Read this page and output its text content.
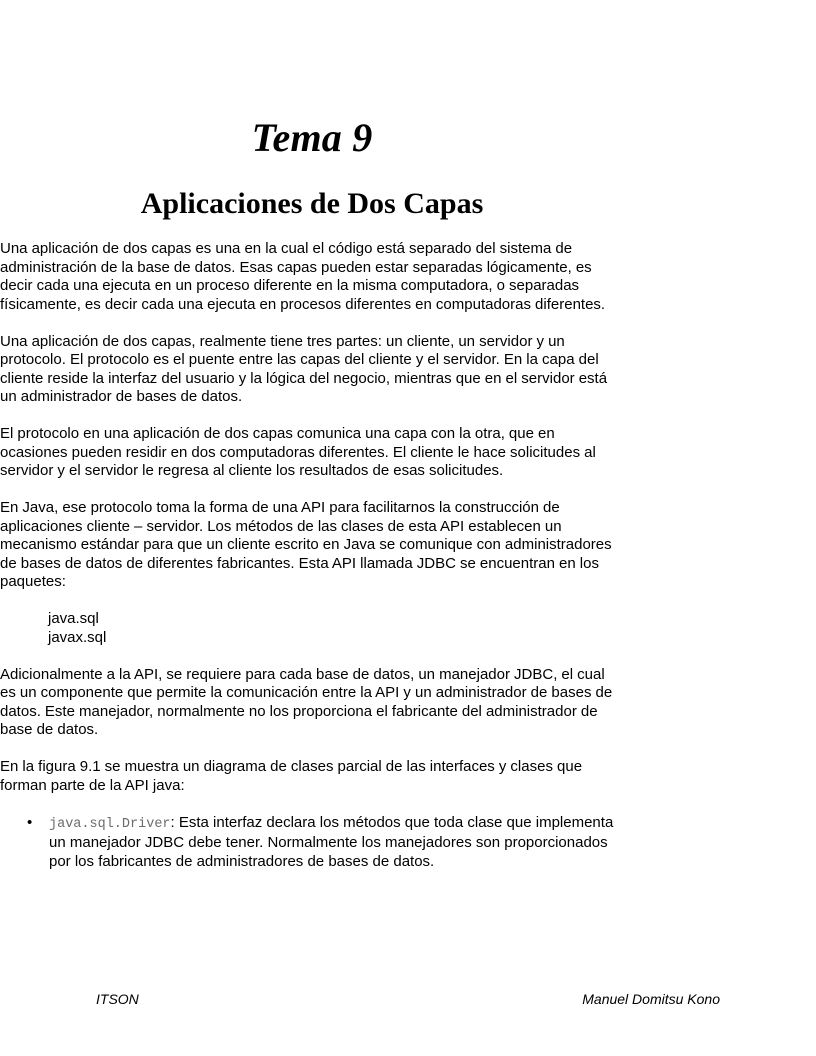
Tema 9
Aplicaciones de Dos Capas

Una aplicación de dos capas es una en la cual el código está separado del sistema de administración de la base de datos. Esas capas pueden estar separadas lógicamente, es decir cada una ejecuta en un proceso diferente en la misma computadora, o separadas físicamente, es decir cada una ejecuta en procesos diferentes en computadoras diferentes.

Una aplicación de dos capas, realmente tiene tres partes: un cliente, un servidor y un protocolo. El protocolo es el puente entre las capas del cliente y el servidor. En la capa del cliente reside la interfaz del usuario y la lógica del negocio, mientras que en el servidor está un administrador de bases de datos.

El protocolo en una aplicación de dos capas comunica una capa con la otra, que en ocasiones pueden residir en dos computadoras diferentes. El cliente le hace solicitudes al servidor y el servidor le regresa al cliente los resultados de esas solicitudes.

En Java, ese protocolo toma la forma de una API para facilitarnos la construcción de aplicaciones cliente – servidor. Los métodos de las clases de esta API establecen un mecanismo estándar para que un cliente escrito en Java se comunique con administradores de bases de datos de diferentes fabricantes. Esta API llamada JDBC se encuentran en los paquetes:

java.sql
javax.sql

Adicionalmente a la API, se requiere para cada base de datos, un manejador JDBC, el cual es un componente que permite la comunicación entre la API y un administrador de bases de datos. Este manejador, normalmente no los proporciona el fabricante del administrador de base de datos.

En la figura 9.1 se muestra un diagrama de clases parcial de las interfaces y clases que forman parte de la API java:

• java.sql.Driver: Esta interfaz declara los métodos que toda clase que implementa un manejador JDBC debe tener. Normalmente los manejadores son proporcionados por los fabricantes de administradores de bases de datos.
ITSON	Manuel Domitsu Kono
